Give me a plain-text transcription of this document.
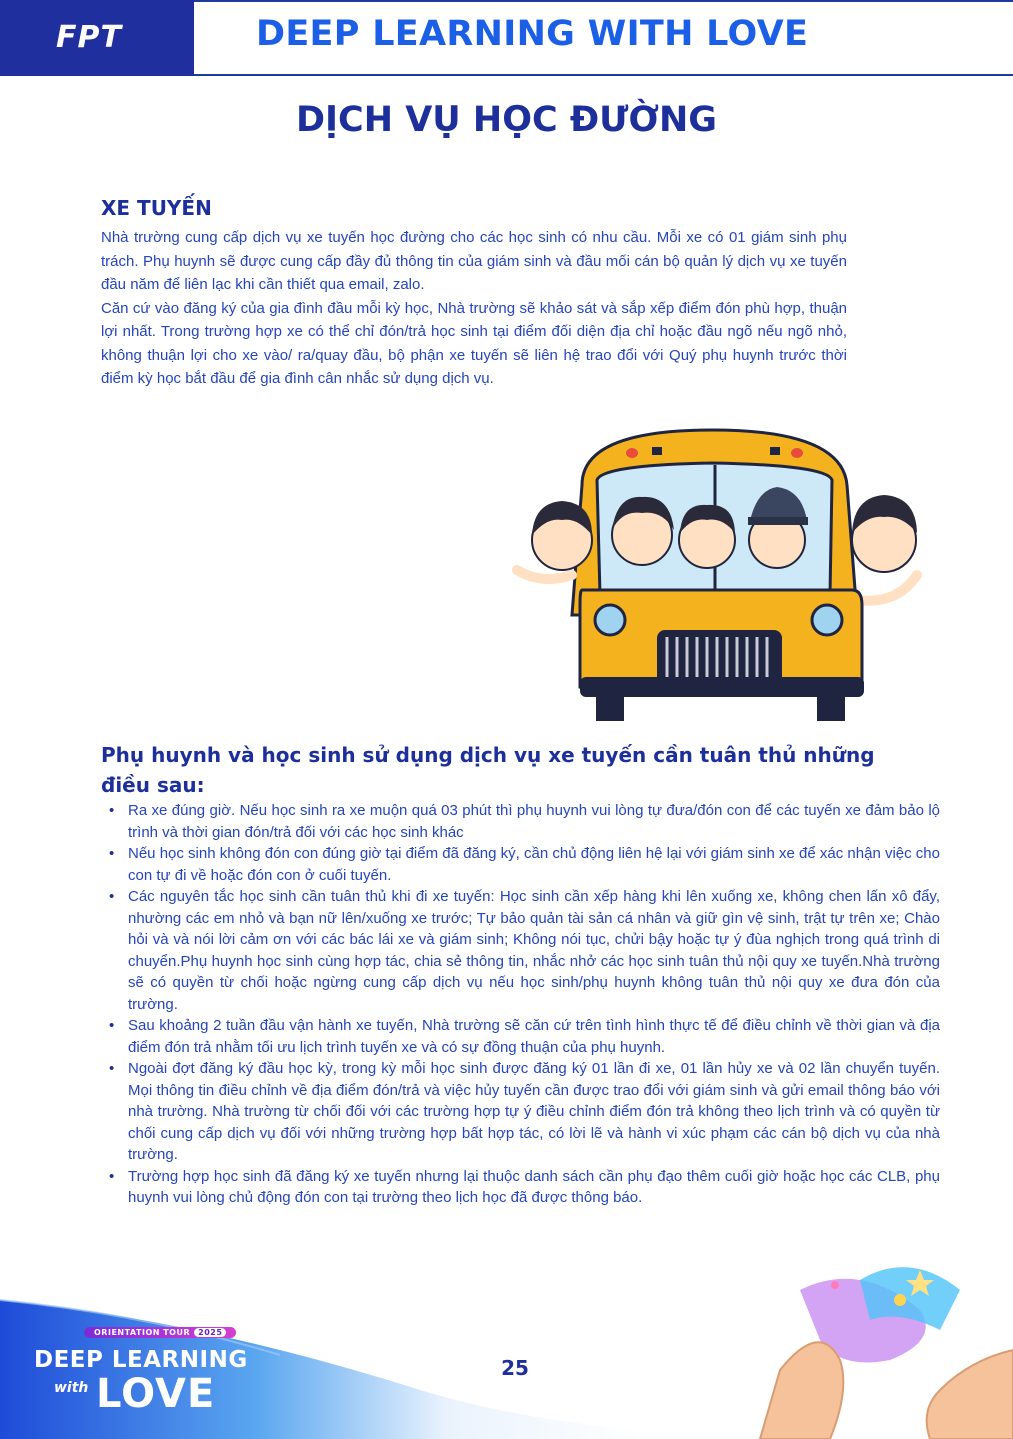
FPT	DEEP LEARNING WITH LOVE
DỊCH VỤ HỌC ĐƯỜNG
XE TUYẾN

Nhà trường cung cấp dịch vụ xe tuyến học đường cho các học sinh có nhu cầu. Mỗi xe có 01 giám sinh phụ trách. Phụ huynh sẽ được cung cấp đầy đủ thông tin của giám sinh và đầu mối cán bộ quản lý dịch vụ xe tuyến đầu năm để liên lạc khi cần thiết qua email, zalo.

Căn cứ vào đăng ký của gia đình đầu mỗi kỳ học, Nhà trường sẽ khảo sát và sắp xếp điểm đón phù hợp, thuận lợi nhất. Trong trường hợp xe có thể chỉ đón/trả học sinh tại điểm đối diện địa chỉ hoặc đầu ngõ nếu ngõ nhỏ, không thuận lợi cho xe vào/ ra/quay đầu, bộ phận xe tuyến sẽ liên hệ trao đổi với Quý phụ huynh trước thời điểm kỳ học bắt đầu để gia đình cân nhắc sử dụng dịch vụ.

Phụ huynh và học sinh sử dụng dịch vụ xe tuyến cần tuân thủ những điều sau:
• Ra xe đúng giờ. Nếu học sinh ra xe muộn quá 03 phút thì phụ huynh vui lòng tự đưa/đón con để các tuyến xe đảm bảo lộ trình và thời gian đón/trả đối với các học sinh khác
• Nếu học sinh không đón con đúng giờ tại điểm đã đăng ký, cần chủ động liên hệ lại với giám sinh xe để xác nhận việc cho con tự đi về hoặc đón con ở cuối tuyến.
• Các nguyên tắc học sinh cần tuân thủ khi đi xe tuyến: Học sinh cần xếp hàng khi lên xuống xe, không chen lấn xô đẩy, nhường các em nhỏ và bạn nữ lên/xuống xe trước; Tự bảo quản tài sản cá nhân và giữ gìn vệ sinh, trật tự trên xe; Chào hỏi và và nói lời cảm ơn với các bác lái xe và giám sinh; Không nói tục, chửi bậy hoặc tự ý đùa nghịch trong quá trình di chuyển.Phụ huynh học sinh cùng hợp tác, chia sẻ thông tin, nhắc nhở các học sinh tuân thủ nội quy xe tuyến.Nhà trường sẽ có quyền từ chối hoặc ngừng cung cấp dịch vụ nếu học sinh/phụ huynh không tuân thủ nội quy xe đưa đón của trường.
• Sau khoảng 2 tuần đầu vận hành xe tuyến, Nhà trường sẽ căn cứ trên tình hình thực tế để điều chỉnh về thời gian và địa điểm đón trả nhằm tối ưu lịch trình tuyến xe và có sự đồng thuận của phụ huynh.
• Ngoài đợt đăng ký đầu học kỳ, trong kỳ mỗi học sinh được đăng ký 01 lần đi xe, 01 lần hủy xe và 02 lần chuyển tuyến. Mọi thông tin điều chỉnh về địa điểm đón/trả và việc hủy tuyến cần được trao đổi với giám sinh và gửi email thông báo với nhà trường. Nhà trường từ chối đối với các trường hợp tự ý điều chỉnh điểm đón trả không theo lịch trình và có quyền từ chối cung cấp dịch vụ đối với những trường hợp bất hợp tác, có lời lẽ và hành vi xúc phạm các cán bộ dịch vụ của nhà trường.
• Trường hợp học sinh đã đăng ký xe tuyến nhưng lại thuộc danh sách cần phụ đạo thêm cuối giờ hoặc học các CLB, phụ huynh vui lòng chủ động đón con tại trường theo lịch học đã được thông báo.
ORIENTATION TOUR 2025
DEEP LEARNING
with LOVE
25
